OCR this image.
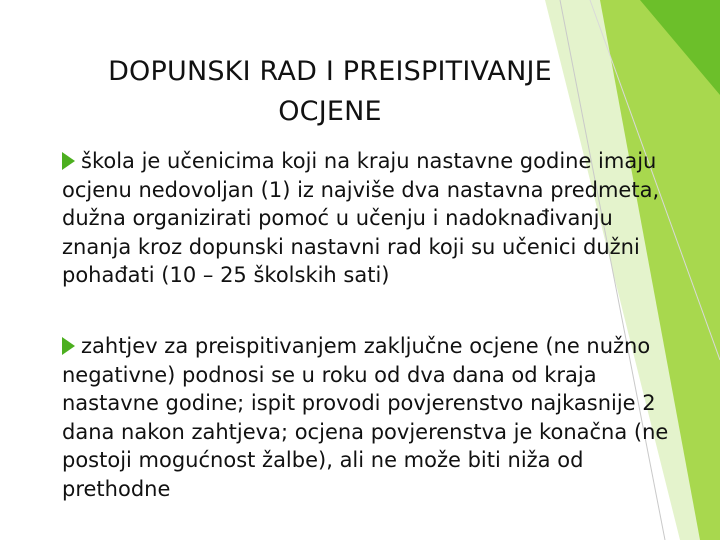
DOPUNSKI RAD I PREISPITIVANJE
OCJENE

škola je učenicima koji na kraju nastavne godine imaju ocjenu nedovoljan (1) iz najviše dva nastavna predmeta, dužna organizirati pomoć u učenju i nadoknađivanju znanja kroz dopunski nastavni rad koji su učenici dužni pohađati (10 – 25 školskih sati)

zahtjev za preispitivanjem zaključne ocjene (ne nužno negativne) podnosi se u roku od dva dana od kraja nastavne godine; ispit provodi povjerenstvo najkasnije 2 dana nakon zahtjeva; ocjena povjerenstva je konačna (ne postoji mogućnost žalbe), ali ne može biti niža od prethodne
